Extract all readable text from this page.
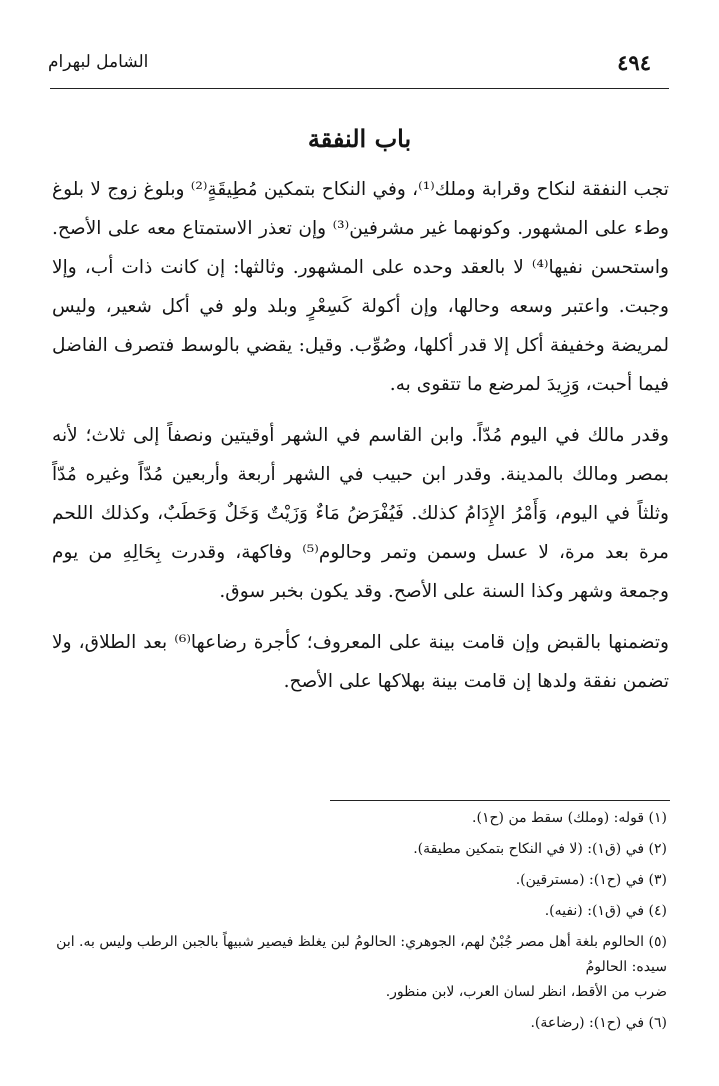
٤٩٤
الشامل لبهرام
باب النفقة

تجب النفقة لنكاح وقرابة وملك⁽¹⁾، وفي النكاح بتمكين مُطِيقَةٍ⁽²⁾ وبلوغ زوج لا بلوغ وطء على المشهور. وكونهما غير مشرفين⁽³⁾ وإن تعذر الاستمتاع معه على الأصح. واستحسن نفيها⁽⁴⁾ لا بالعقد وحده على المشهور. وثالثها: إن كانت ذات أب، وإلا وجبت. واعتبر وسعه وحالها، وإن أكولة كَسِعْرٍ وبلد ولو في أكل شعير، وليس لمريضة وخفيفة أكل إلا قدر أكلها، وصُوِّب. وقيل: يقضي بالوسط فتصرف الفاضل فيما أحبت، وَزِيدَ لمرضع ما تتقوى به.

وقدر مالك في اليوم مُدّاً. وابن القاسم في الشهر أوقيتين ونصفاً إلى ثلاث؛ لأنه بمصر ومالك بالمدينة. وقدر ابن حبيب في الشهر أربعة وأربعين مُدّاً وغيره مُدّاً وثلثاً في اليوم، وَأَمْرُ الإِدَامُ كذلك. فَيُفْرَضُ مَاءٌ وَزَيْتٌ وَخَلٌ وَحَطَبٌ، وكذلك اللحم مرة بعد مرة، لا عسل وسمن وتمر وحالوم⁽⁵⁾ وفاكهة، وقدرت بِحَالِهِ من يوم وجمعة وشهر وكذا السنة على الأصح. وقد يكون بخبر سوق.

وتضمنها بالقبض وإن قامت بينة على المعروف؛ كأجرة رضاعها⁽⁶⁾ بعد الطلاق، ولا تضمن نفقة ولدها إن قامت بينة بهلاكها على الأصح.

(١) قوله: (وملك) سقط من (ح١).

(٢) في (ق١): (لا في النكاح بتمكين مطيقة).

(٣) في (ح١): (مسترقين).

(٤) في (ق١): (نفيه).

(٥) الحالوم بلغة أهل مصر جُبْنٌ لهم، الجوهري: الحالومُ لبن يغلظ فيصير شبيهاً بالجبن الرطب وليس به. ابن سيده: الحالومُ
ضرب من الأقط، انظر لسان العرب، لابن منظور.

(٦) في (ح١): (رضاعة).
